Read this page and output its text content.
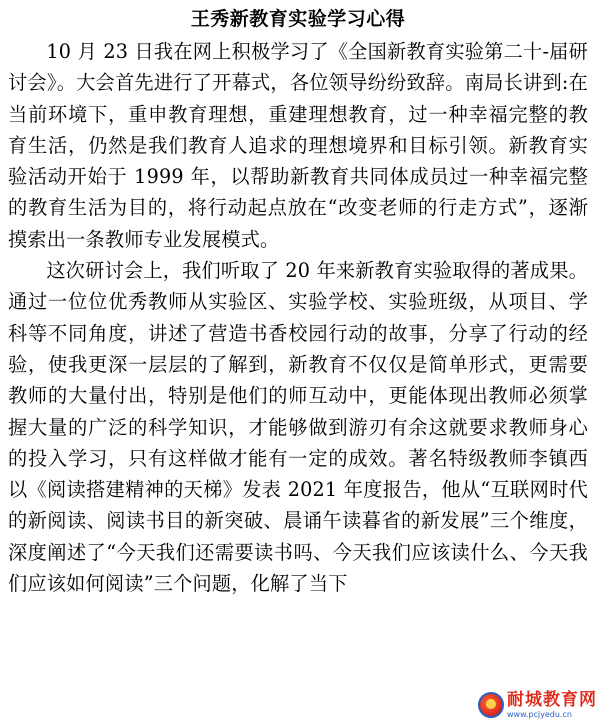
王秀新教育实验学习心得

10 月 23 日我在网上积极学习了《全国新教育实验第二十-届研讨会》。大会首先进行了开幕式，各位领导纷纷致辞。南局长讲到:在当前环境下，重申教育理想，重建理想教育，过一种幸福完整的教育生活，仍然是我们教育人追求的理想境界和目标引领。新教育实验活动开始于 1999 年，以帮助新教育共同体成员过一种幸福完整的教育生活为目的，将行动起点放在“改变老师的行走方式”，逐渐摸索出一条教师专业发展模式。

这次研讨会上，我们听取了 20 年来新教育实验取得的著成果。通过一位位优秀教师从实验区、实验学校、实验班级，从项目、学科等不同角度，讲述了营造书香校园行动的故事，分享了行动的经验，使我更深一层层的了解到，新教育不仅仅是简单形式，更需要教师的大量付出，特别是他们的师互动中，更能体现出教师必须掌握大量的广泛的科学知识，才能够做到游刃有余这就要求教师身心的投入学习，只有这样做才能有一定的成效。著名特级教师李镇西以《阅读搭建精神的天梯》发表 2021 年度报告，他从“互联网时代的新阅读、阅读书目的新突破、晨诵午读暮省的新发展”三个维度，深度阐述了“今天我们还需要读书吗、今天我们应该读什么、今天我们应该如何阅读”三个问题，化解了当下

耐城教育网
www.pcjyedu.cn
